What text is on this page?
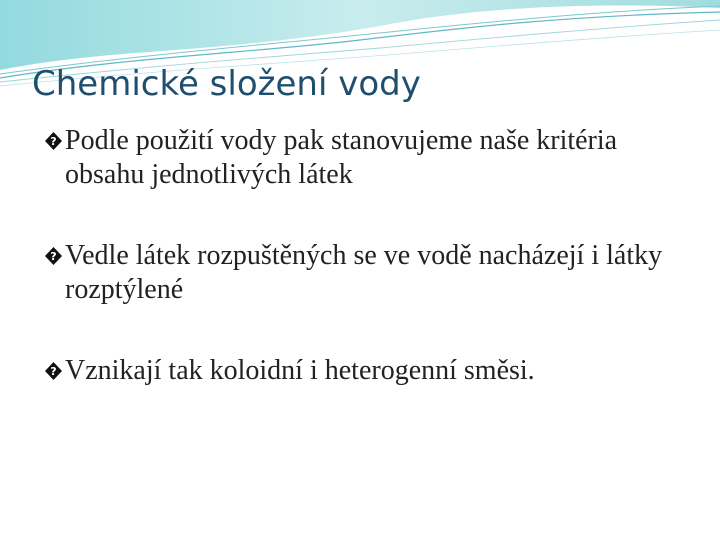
Chemické složení vody
? Podle použití vody pak stanovujeme naše kritéria obsahu jednotlivých látek
? Vedle látek rozpuštěných se ve vodě nacházejí i látky rozptýlené
? Vznikají tak koloidní i heterogenní směsi.
